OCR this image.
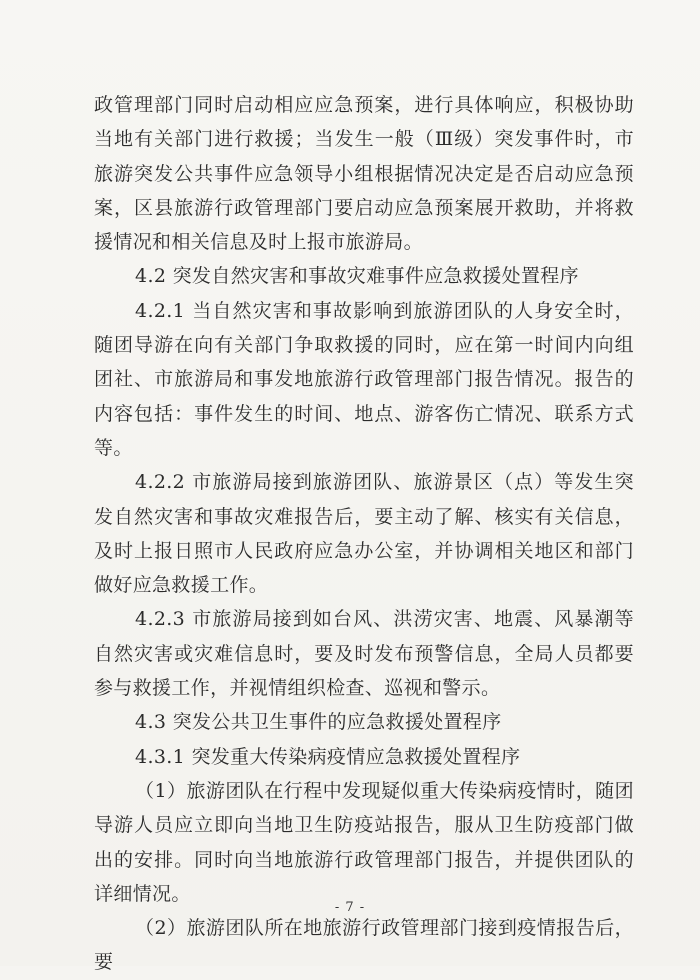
政管理部门同时启动相应应急预案，进行具体响应，积极协助当地有关部门进行救援；当发生一般（Ⅲ级）突发事件时，市旅游突发公共事件应急领导小组根据情况决定是否启动应急预案，区县旅游行政管理部门要启动应急预案展开救助，并将救援情况和相关信息及时上报市旅游局。

4.2 突发自然灾害和事故灾难事件应急救援处置程序

4.2.1 当自然灾害和事故影响到旅游团队的人身安全时，随团导游在向有关部门争取救援的同时，应在第一时间内向组团社、市旅游局和事发地旅游行政管理部门报告情况。报告的内容包括：事件发生的时间、地点、游客伤亡情况、联系方式等。

4.2.2 市旅游局接到旅游团队、旅游景区（点）等发生突发自然灾害和事故灾难报告后，要主动了解、核实有关信息，及时上报日照市人民政府应急办公室，并协调相关地区和部门做好应急救援工作。

4.2.3 市旅游局接到如台风、洪涝灾害、地震、风暴潮等自然灾害或灾难信息时，要及时发布预警信息，全局人员都要参与救援工作，并视情组织检查、巡视和警示。

4.3 突发公共卫生事件的应急救援处置程序

4.3.1 突发重大传染病疫情应急救援处置程序

（1）旅游团队在行程中发现疑似重大传染病疫情时，随团导游人员应立即向当地卫生防疫站报告，服从卫生防疫部门做出的安排。同时向当地旅游行政管理部门报告，并提供团队的详细情况。

（2）旅游团队所在地旅游行政管理部门接到疫情报告后，要

- 7 -
